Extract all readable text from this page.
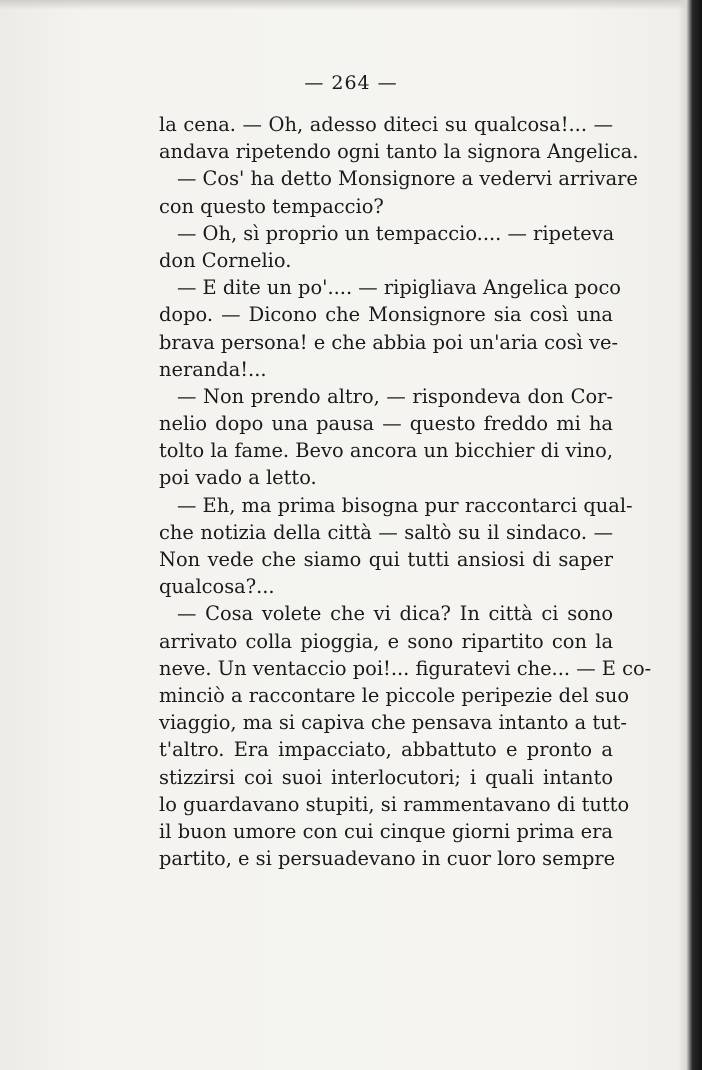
— 264 —
la cena. — Oh, adesso diteci su qualcosa!... —
andava ripetendo ogni tanto la signora Angelica.
— Cos' ha detto Monsignore a vedervi arrivare
con questo tempaccio?
— Oh, sì proprio un tempaccio.... — ripeteva
don Cornelio.
— E dite un po'.... — ripigliava Angelica poco
dopo. — Dicono che Monsignore sia così una
brava persona! e che abbia poi un'aria così ve-
neranda!...
— Non prendo altro, — rispondeva don Cor-
nelio dopo una pausa — questo freddo mi ha
tolto la fame. Bevo ancora un bicchier di vino,
poi vado a letto.
— Eh, ma prima bisogna pur raccontarci qual-
che notizia della città — saltò su il sindaco. —
Non vede che siamo qui tutti ansiosi di saper
qualcosa?...
— Cosa volete che vi dica? In città ci sono
arrivato colla pioggia, e sono ripartito con la
neve. Un ventaccio poi!... figuratevi che... — E co-
minciò a raccontare le piccole peripezie del suo
viaggio, ma si capiva che pensava intanto a tut-
t'altro. Era impacciato, abbattuto e pronto a
stizzirsi coi suoi interlocutori; i quali intanto
lo guardavano stupiti, si rammentavano di tutto
il buon umore con cui cinque giorni prima era
partito, e si persuadevano in cuor loro sempre
